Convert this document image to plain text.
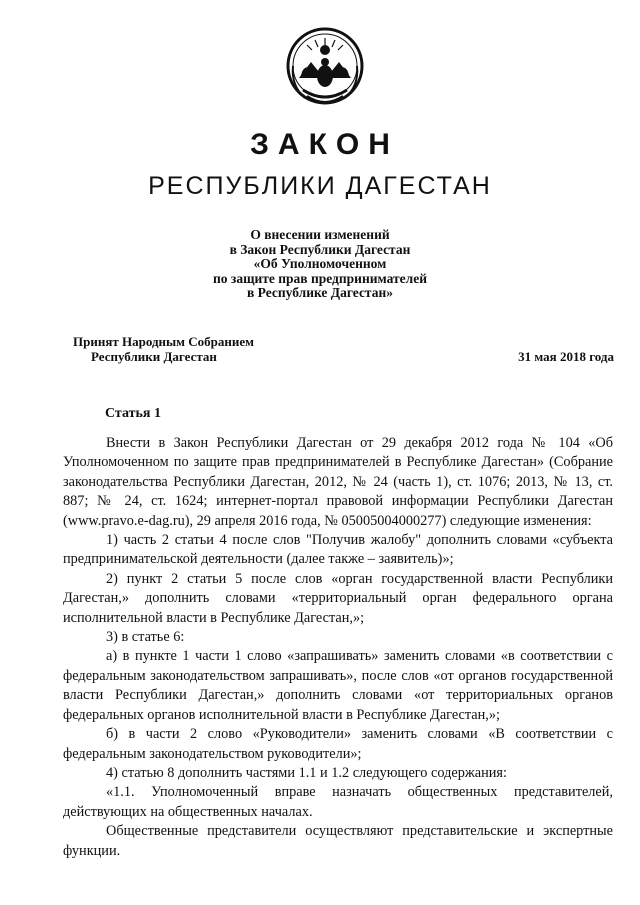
ЗАКОН
РЕСПУБЛИКИ ДАГЕСТАН
О внесении изменений
в Закон Республики Дагестан
«Об Уполномоченном
по защите прав предпринимателей
в Республике Дагестан»
Принят Народным Собранием
Республики Дагестан	31 мая 2018 года
Статья 1

Внести в Закон Республики Дагестан от 29 декабря 2012 года № 104 «Об Уполномоченном по защите прав предпринимателей в Республике Дагестан» (Собрание законодательства Республики Дагестан, 2012, № 24 (часть 1), ст. 1076; 2013, № 13, ст. 887; № 24, ст. 1624; интернет-портал правовой информации Республики Дагестан (www.pravo.e-dag.ru), 29 апреля 2016 года, № 05005004000277) следующие изменения:

1) часть 2 статьи 4 после слов "Получив жалобу" дополнить словами «субъекта предпринимательской деятельности (далее также – заявитель)»;

2) пункт 2 статьи 5 после слов «орган государственной власти Республики Дагестан,» дополнить словами «территориальный орган федерального органа исполнительной власти в Республике Дагестан,»;

3) в статье 6:

а) в пункте 1 части 1 слово «запрашивать» заменить словами «в соответствии с федеральным законодательством запрашивать», после слов «от органов государственной власти Республики Дагестан,» дополнить словами «от территориальных органов федеральных органов исполнительной власти в Республике Дагестан,»;

б) в части 2 слово «Руководители» заменить словами «В соответствии с федеральным законодательством руководители»;

4) статью 8 дополнить частями 1.1 и 1.2 следующего содержания:

«1.1. Уполномоченный вправе назначать общественных представителей, действующих на общественных началах.

Общественные представители осуществляют представительские и экспертные функции.
